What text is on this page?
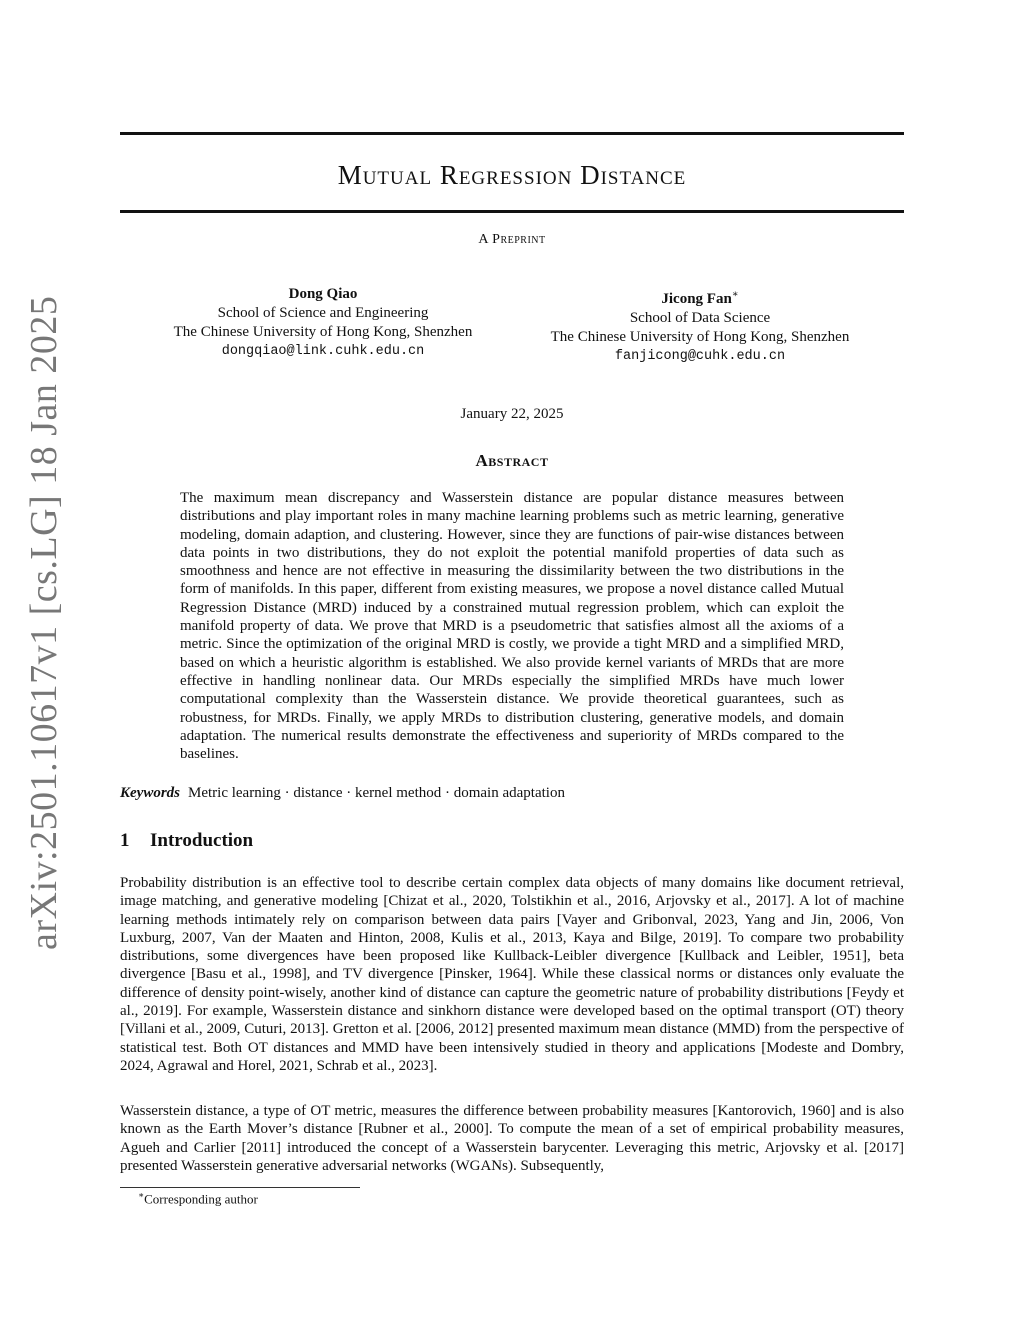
arXiv:2501.10617v1 [cs.LG] 18 Jan 2025
Mutual Regression Distance
A Preprint
Dong Qiao
School of Science and Engineering
The Chinese University of Hong Kong, Shenzhen
dongqiao@link.cuhk.edu.cn
Jicong Fan∗
School of Data Science
The Chinese University of Hong Kong, Shenzhen
fanjicong@cuhk.edu.cn
January 22, 2025
Abstract

The maximum mean discrepancy and Wasserstein distance are popular distance measures between distributions and play important roles in many machine learning problems such as metric learning, generative modeling, domain adaption, and clustering. However, since they are functions of pair-wise distances between data points in two distributions, they do not exploit the potential manifold properties of data such as smoothness and hence are not effective in measuring the dissimilarity between the two distributions in the form of manifolds. In this paper, different from existing measures, we propose a novel distance called Mutual Regression Distance (MRD) induced by a constrained mutual regression problem, which can exploit the manifold property of data. We prove that MRD is a pseudometric that satisfies almost all the axioms of a metric. Since the optimization of the original MRD is costly, we provide a tight MRD and a simplified MRD, based on which a heuristic algorithm is established. We also provide kernel variants of MRDs that are more effective in handling nonlinear data. Our MRDs especially the simplified MRDs have much lower computational complexity than the Wasserstein distance. We provide theoretical guarantees, such as robustness, for MRDs. Finally, we apply MRDs to distribution clustering, generative models, and domain adaptation. The numerical results demonstrate the effectiveness and superiority of MRDs compared to the baselines.

Keywords Metric learning · distance · kernel method · domain adaptation
1 Introduction

Probability distribution is an effective tool to describe certain complex data objects of many domains like document retrieval, image matching, and generative modeling [Chizat et al., 2020, Tolstikhin et al., 2016, Arjovsky et al., 2017]. A lot of machine learning methods intimately rely on comparison between data pairs [Vayer and Gribonval, 2023, Yang and Jin, 2006, Von Luxburg, 2007, Van der Maaten and Hinton, 2008, Kulis et al., 2013, Kaya and Bilge, 2019]. To compare two probability distributions, some divergences have been proposed like Kullback-Leibler divergence [Kullback and Leibler, 1951], beta divergence [Basu et al., 1998], and TV divergence [Pinsker, 1964]. While these classical norms or distances only evaluate the difference of density point-wisely, another kind of distance can capture the geometric nature of probability distributions [Feydy et al., 2019]. For example, Wasserstein distance and sinkhorn distance were developed based on the optimal transport (OT) theory [Villani et al., 2009, Cuturi, 2013]. Gretton et al. [2006, 2012] presented maximum mean distance (MMD) from the perspective of statistical test. Both OT distances and MMD have been intensively studied in theory and applications [Modeste and Dombry, 2024, Agrawal and Horel, 2021, Schrab et al., 2023].

Wasserstein distance, a type of OT metric, measures the difference between probability measures [Kantorovich, 1960] and is also known as the Earth Mover’s distance [Rubner et al., 2000]. To compute the mean of a set of empirical probability measures, Agueh and Carlier [2011] introduced the concept of a Wasserstein barycenter. Leveraging this metric, Arjovsky et al. [2017] presented Wasserstein generative adversarial networks (WGANs). Subsequently,

∗Corresponding author
